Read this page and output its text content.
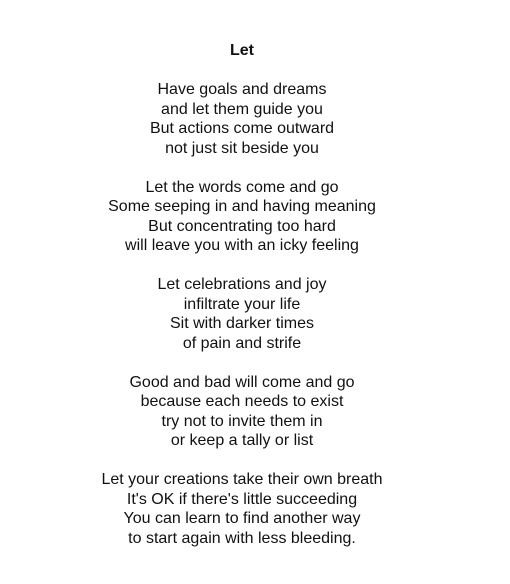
Let
Have goals and dreams
and let them guide you
But actions come outward
not just sit beside you
Let the words come and go
Some seeping in and having meaning
But concentrating too hard
will leave you with an icky feeling
Let celebrations and joy
infiltrate your life
Sit with darker times
of pain and strife
Good and bad will come and go
because each needs to exist
try not to invite them in
or keep a tally or list
Let your creations take their own breath
It's OK if there's little succeeding
You can learn to find another way
to start again with less bleeding.
